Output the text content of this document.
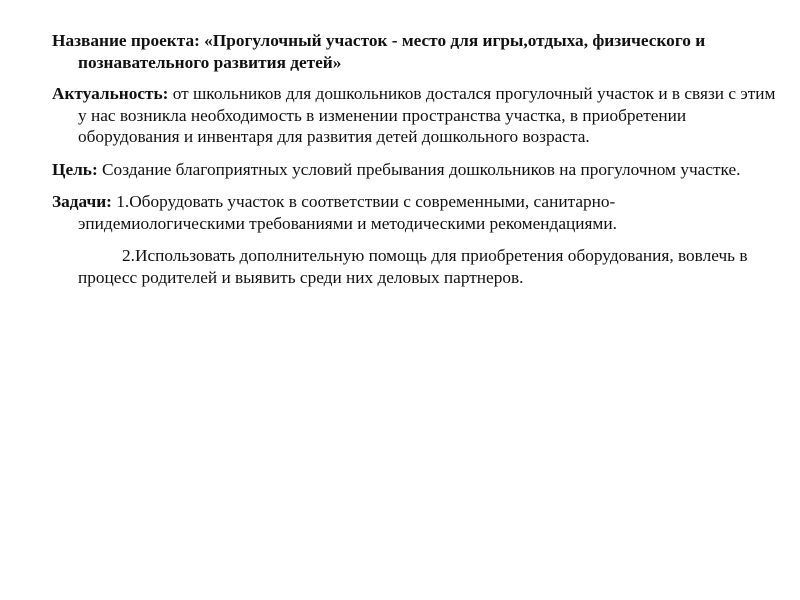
Название проекта: «Прогулочный участок - место для игры,отдыха, физического и познавательного развития детей»

Актуальность: от школьников для дошкольников достался прогулочный участок и в связи с этим у нас возникла необходимость в изменении пространства участка, в приобретении оборудования и инвентаря для развития детей дошкольного возраста.

Цель: Создание благоприятных условий пребывания дошкольников на прогулочном участке.

Задачи: 1.Оборудовать участок в соответствии с современными, санитарно-эпидемиологическими требованиями и методическими рекомендациями.

2.Использовать дополнительную помощь для приобретения оборудования, вовлечь в процесс родителей и выявить среди них деловых партнеров.
